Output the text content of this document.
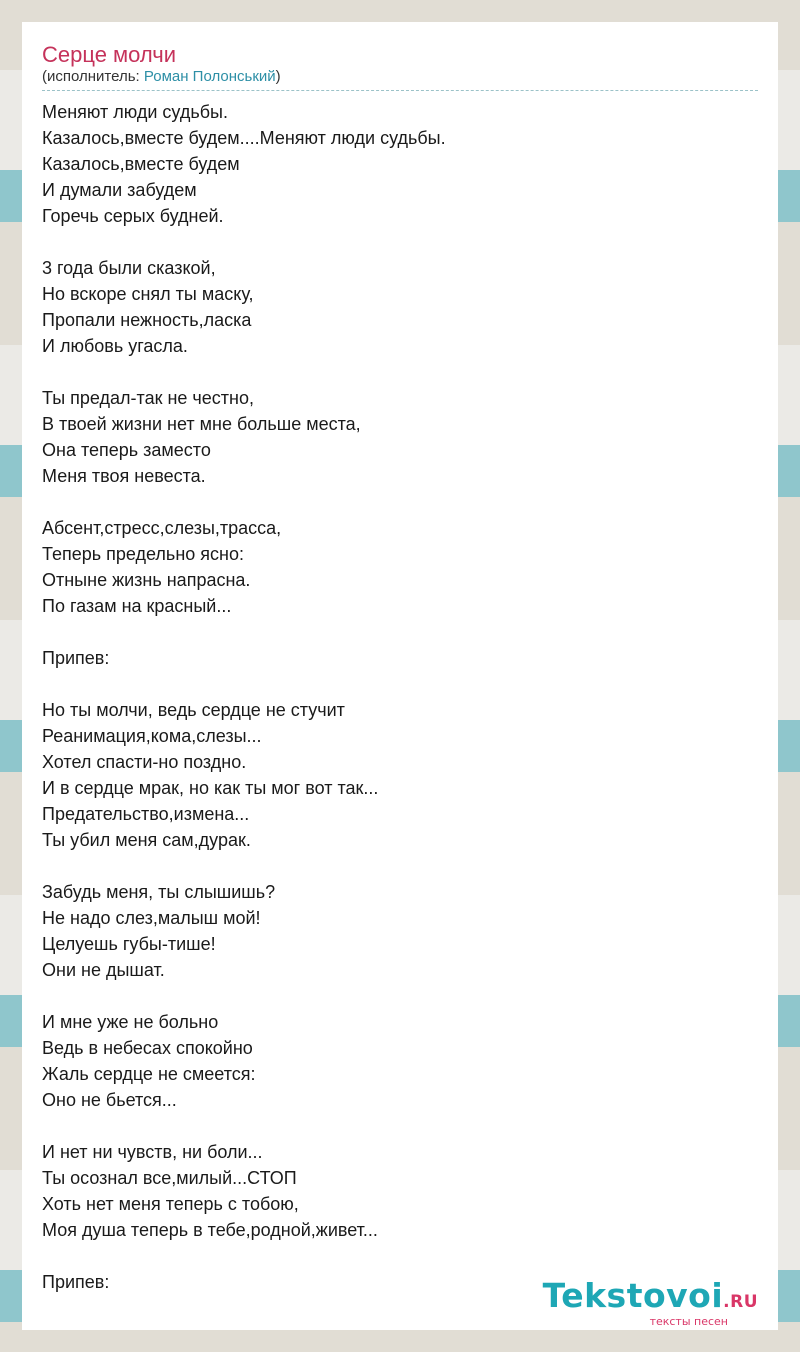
Серце молчи
(исполнитель: Роман Полонський)
Меняют люди судьбы.
Казалось,вместе будем....Меняют люди судьбы.
Казалось,вместе будем
И думали забудем
Горечь серых будней.
3 года были сказкой,
Но вскоре снял ты маску,
Пропали нежность,ласка
И любовь угасла.
Ты предал-так не честно,
В твоей жизни нет мне больше места,
Она теперь заместо
Меня твоя невеста.
Абсент,стресс,слезы,трасса,
Теперь предельно ясно:
Отныне жизнь напрасна.
По газам на красный...
Припев:
Но ты молчи, ведь сердце не стучит
Реанимация,кома,слезы...
Хотел спасти-но поздно.
И в сердце мрак, но как ты мог вот так...
Предательство,измена...
Ты убил меня сам,дурак.
Забудь меня, ты слышишь?
Не надо слез,малыш мой!
Целуешь губы-тише!
Они не дышат.
И мне уже не больно
Ведь в небесах спокойно
Жаль сердце не смеется:
Оно не бьется...
И нет ни чувств, ни боли...
Ты осознал все,милый...СТОП
Хоть нет меня теперь с тобою,
Моя душа теперь в тебе,родной,живет...
Припев:	Tekstovoi.RU
тексты песен
